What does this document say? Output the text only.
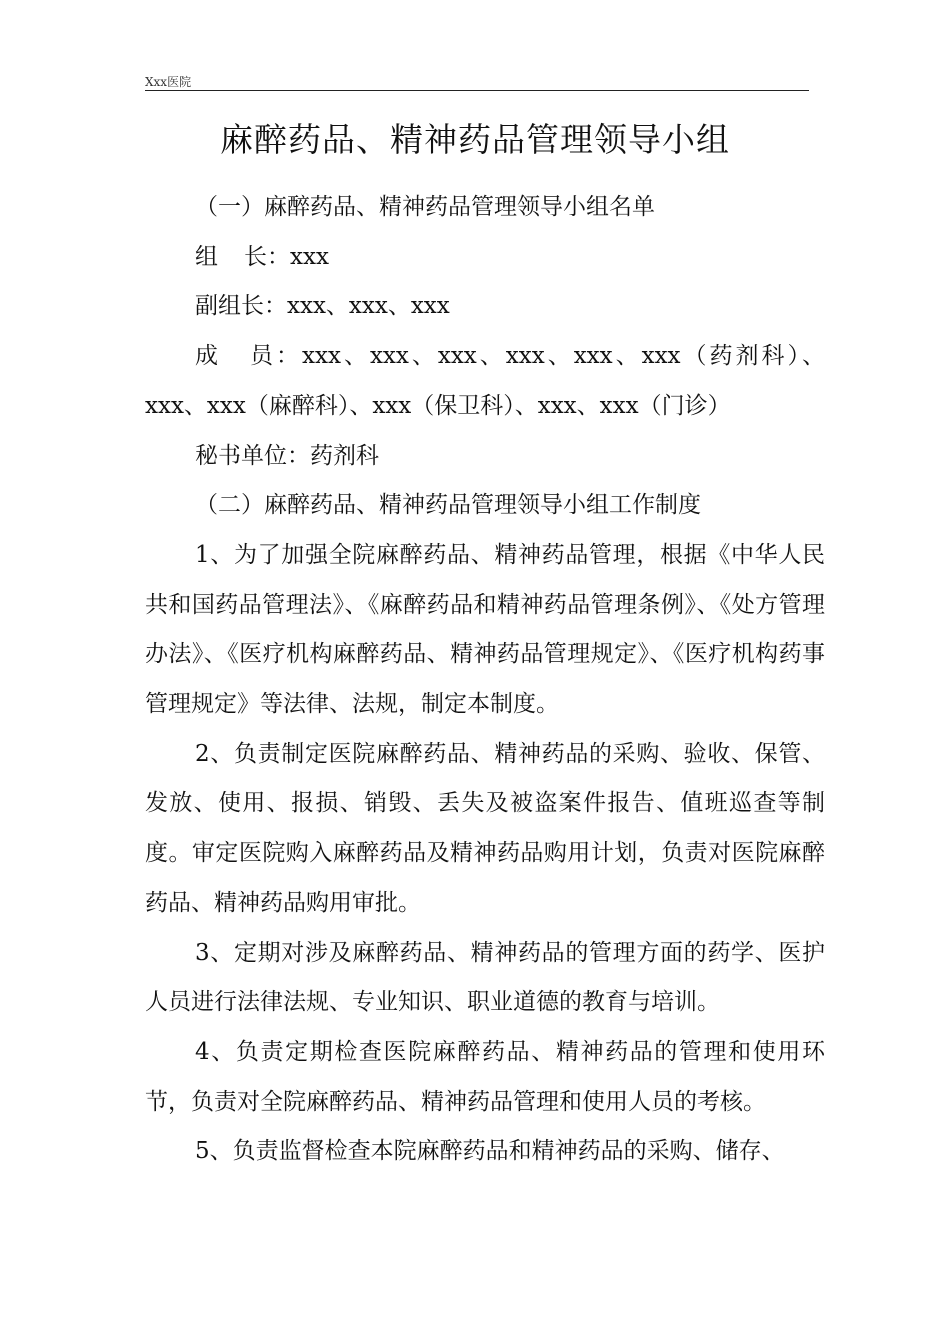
Xxx医院
麻醉药品、精神药品管理领导小组

（一）麻醉药品、精神药品管理领导小组名单

组 长：xxx

副组长：xxx、xxx、xxx

成 员：xxx、xxx、xxx、xxx、xxx、xxx（药剂科）、xxx、xxx（麻醉科）、xxx（保卫科）、xxx、xxx（门诊）

秘书单位：药剂科

（二）麻醉药品、精神药品管理领导小组工作制度

1、为了加强全院麻醉药品、精神药品管理，根据《中华人民共和国药品管理法》、《麻醉药品和精神药品管理条例》、《处方管理办法》、《医疗机构麻醉药品、精神药品管理规定》、《医疗机构药事管理规定》等法律、法规，制定本制度。

2、负责制定医院麻醉药品、精神药品的采购、验收、保管、发放、使用、报损、销毁、丢失及被盗案件报告、值班巡查等制度。审定医院购入麻醉药品及精神药品购用计划，负责对医院麻醉药品、精神药品购用审批。

3、定期对涉及麻醉药品、精神药品的管理方面的药学、医护人员进行法律法规、专业知识、职业道德的教育与培训。

4、负责定期检查医院麻醉药品、精神药品的管理和使用环节，负责对全院麻醉药品、精神药品管理和使用人员的考核。

5、负责监督检查本院麻醉药品和精神药品的采购、储存、
